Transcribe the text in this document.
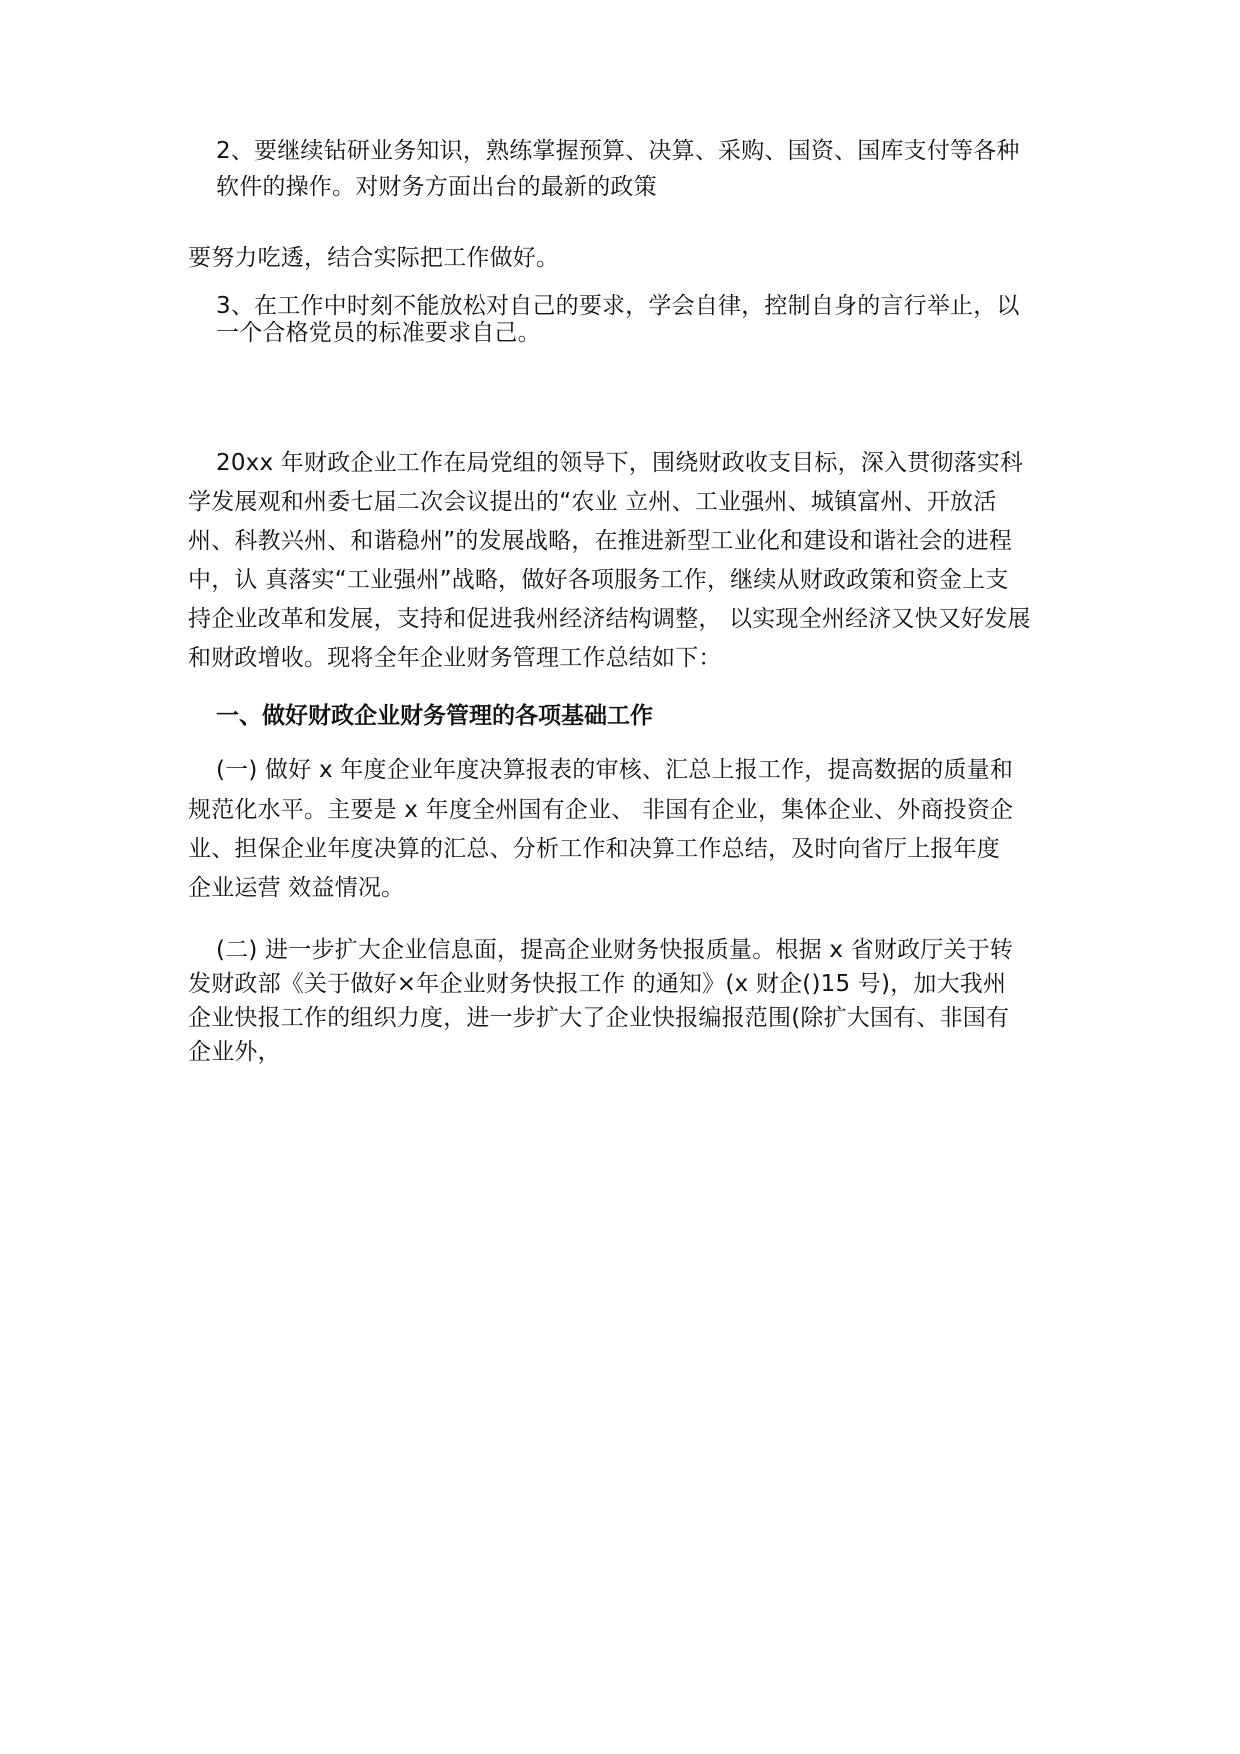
2、要继续钻研业务知识，熟练掌握预算、决算、采购、国资、国库支付等各种
软件的操作。对财务方面出台的最新的政策
要努力吃透，结合实际把工作做好。
3、在工作中时刻不能放松对自己的要求，学会自律，控制自身的言行举止，以
一个合格党员的标准要求自己。
20xx 年财政企业工作在局党组的领导下，围绕财政收支目标，深入贯彻落实科
学发展观和州委七届二次会议提出的“农业 立州、工业强州、城镇富州、开放活
州、科教兴州、和谐稳州”的发展战略，在推进新型工业化和建设和谐社会的进程
中，认 真落实“工业强州”战略，做好各项服务工作，继续从财政政策和资金上支
持企业改革和发展，支持和促进我州经济结构调整， 以实现全州经济又快又好发展
和财政增收。现将全年企业财务管理工作总结如下：
一、做好财政企业财务管理的各项基础工作
(一) 做好 x 年度企业年度决算报表的审核、汇总上报工作，提高数据的质量和
规范化水平。主要是 x 年度全州国有企业、 非国有企业，集体企业、外商投资企
业、担保企业年度决算的汇总、分析工作和决算工作总结，及时向省厅上报年度
企业运营 效益情况。
(二) 进一步扩大企业信息面，提高企业财务快报质量。根据 x 省财政厅关于转
发财政部《关于做好×年企业财务快报工作 的通知》(x 财企()15 号)，加大我州
企业快报工作的组织力度，进一步扩大了企业快报编报范围(除扩大国有、非国有
企业外，
